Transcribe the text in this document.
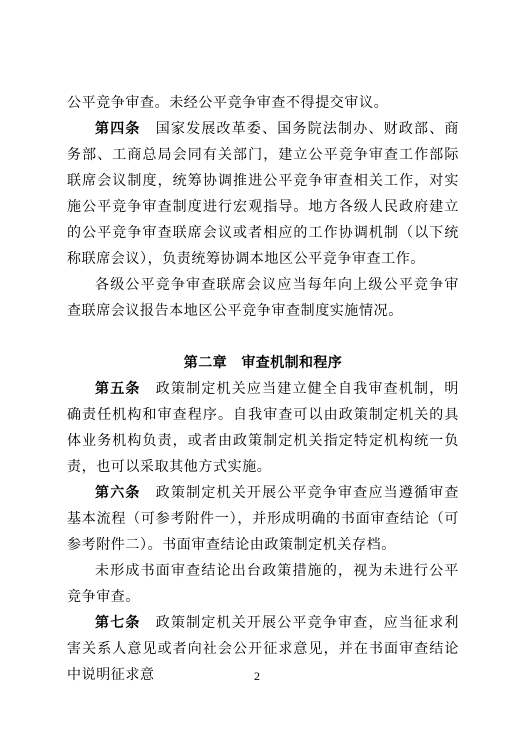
公平竞争审查。未经公平竞争审查不得提交审议。

第四条  国家发展改革委、国务院法制办、财政部、商务部、工商总局会同有关部门，建立公平竞争审查工作部际联席会议制度，统筹协调推进公平竞争审查相关工作，对实施公平竞争审查制度进行宏观指导。地方各级人民政府建立的公平竞争审查联席会议或者相应的工作协调机制（以下统称联席会议），负责统筹协调本地区公平竞争审查工作。

各级公平竞争审查联席会议应当每年向上级公平竞争审查联席会议报告本地区公平竞争审查制度实施情况。

第二章　审查机制和程序

第五条  政策制定机关应当建立健全自我审查机制，明确责任机构和审查程序。自我审查可以由政策制定机关的具体业务机构负责，或者由政策制定机关指定特定机构统一负责，也可以采取其他方式实施。

第六条  政策制定机关开展公平竞争审查应当遵循审查基本流程（可参考附件一），并形成明确的书面审查结论（可参考附件二）。书面审查结论由政策制定机关存档。

未形成书面审查结论出台政策措施的，视为未进行公平竞争审查。

第七条  政策制定机关开展公平竞争审查，应当征求利害关系人意见或者向社会公开征求意见，并在书面审查结论中说明征求意	2
